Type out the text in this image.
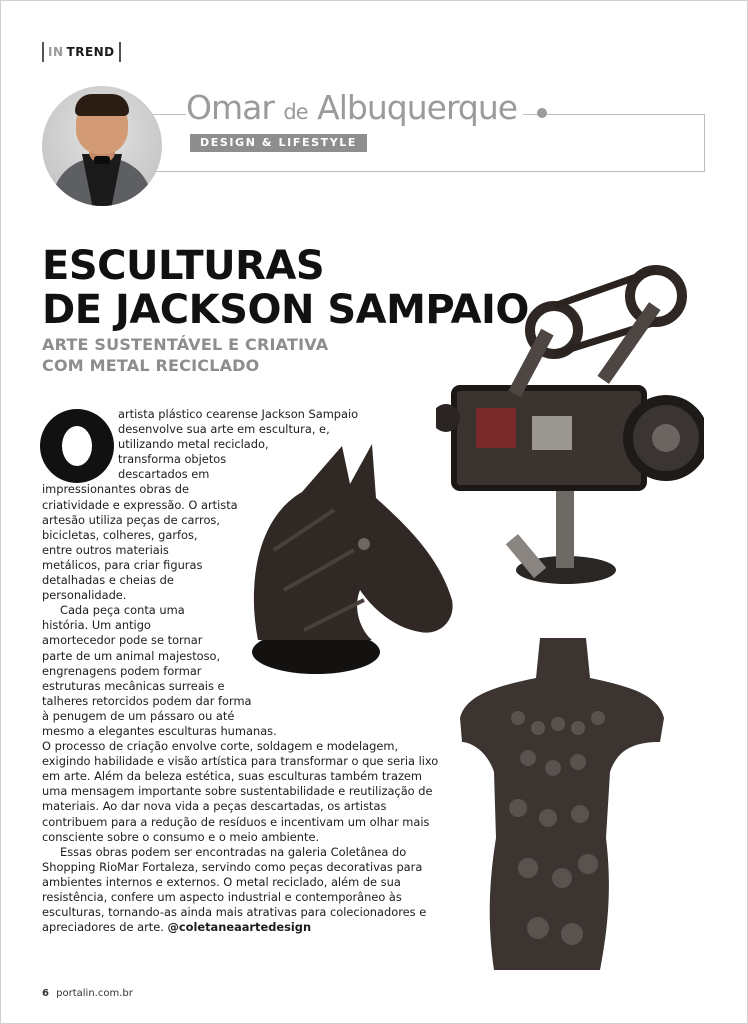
IN TREND
Omar de Albuquerque
DESIGN & LIFESTYLE
ESCULTURAS
DE JACKSON SAMPAIO
ARTE SUSTENTÁVEL E CRIATIVA
COM METAL RECICLADO

artista plástico cearense Jackson Sampaio
desenvolve sua arte em escultura, e,
utilizando metal reciclado,
transforma objetos
descartados em
impressionantes obras de
criatividade e expressão. O artista
artesão utiliza peças de carros,
bicicletas, colheres, garfos,
entre outros materiais
metálicos, para criar figuras
detalhadas e cheias de
personalidade.
Cada peça conta uma
história. Um antigo
amortecedor pode se tornar
parte de um animal majestoso,
engrenagens podem formar
estruturas mecânicas surreais e
talheres retorcidos podem dar forma
à penugem de um pássaro ou até
mesmo a elegantes esculturas humanas.
O processo de criação envolve corte, soldagem e modelagem,
exigindo habilidade e visão artística para transformar o que seria lixo
em arte. Além da beleza estética, suas esculturas também trazem
uma mensagem importante sobre sustentabilidade e reutilização de
materiais. Ao dar nova vida a peças descartadas, os artistas
contribuem para a redução de resíduos e incentivam um olhar mais
consciente sobre o consumo e o meio ambiente.
Essas obras podem ser encontradas na galeria Coletânea do
Shopping RioMar Fortaleza, servindo como peças decorativas para
ambientes internos e externos. O metal reciclado, além de sua
resistência, confere um aspecto industrial e contemporâneo às
esculturas, tornando-as ainda mais atrativas para colecionadores e
apreciadores de arte. @coletaneaartedesign

6 portalin.com.br
